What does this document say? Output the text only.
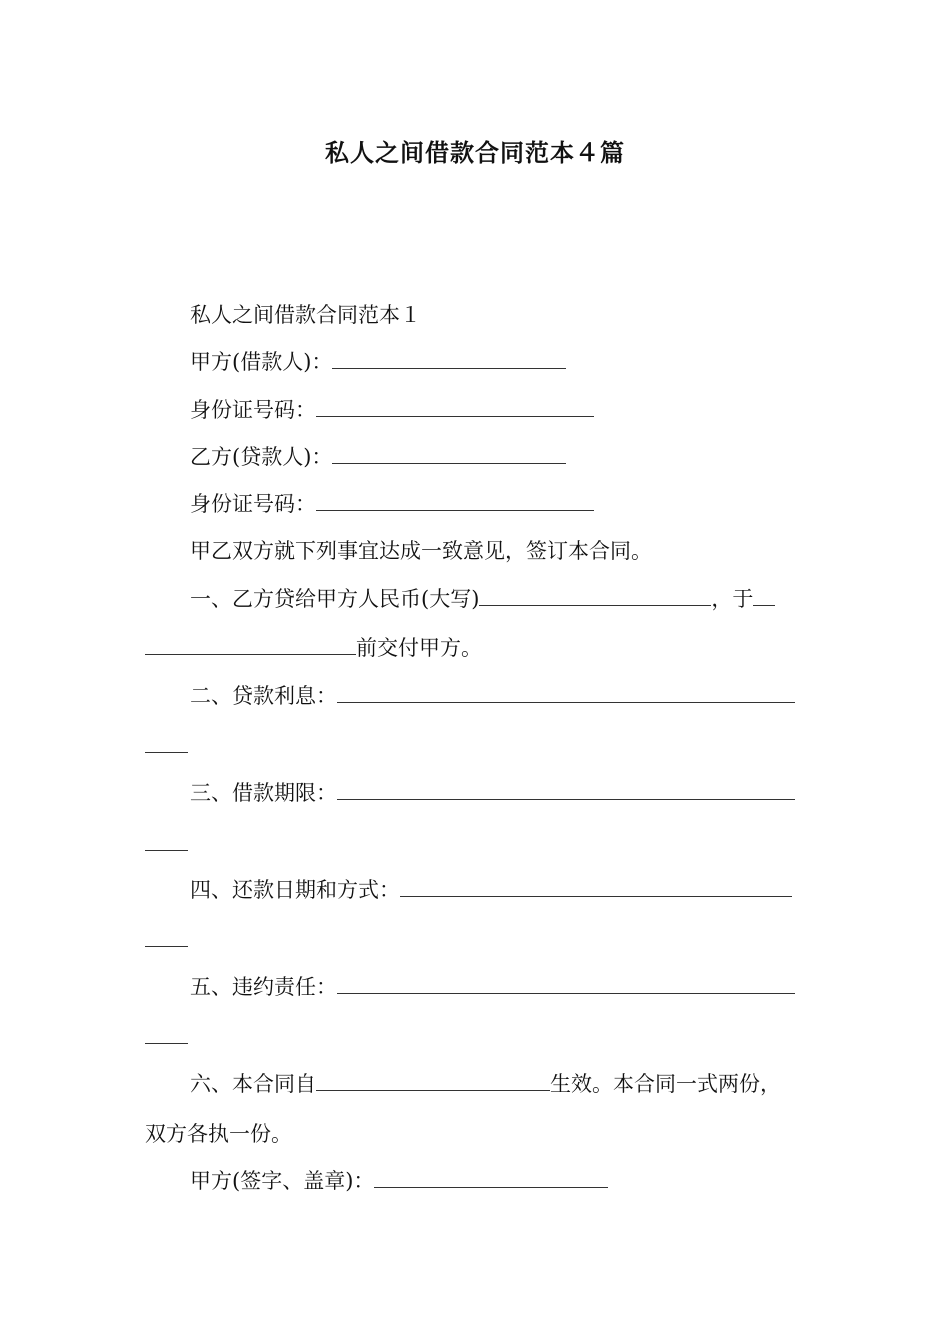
私人之间借款合同范本４篇
私人之间借款合同范本１
甲方(借款人)：
身份证号码：
乙方(贷款人)：
身份证号码：
甲乙双方就下列事宜达成一致意见，签订本合同。
一、乙方贷给甲方人民币(大写)	，于
前交付甲方。
二、贷款利息：
三、借款期限：
四、还款日期和方式：
五、违约责任：
六、本合同自	生效。本合同一式两份，
双方各执一份。
甲方(签字、盖章)：
